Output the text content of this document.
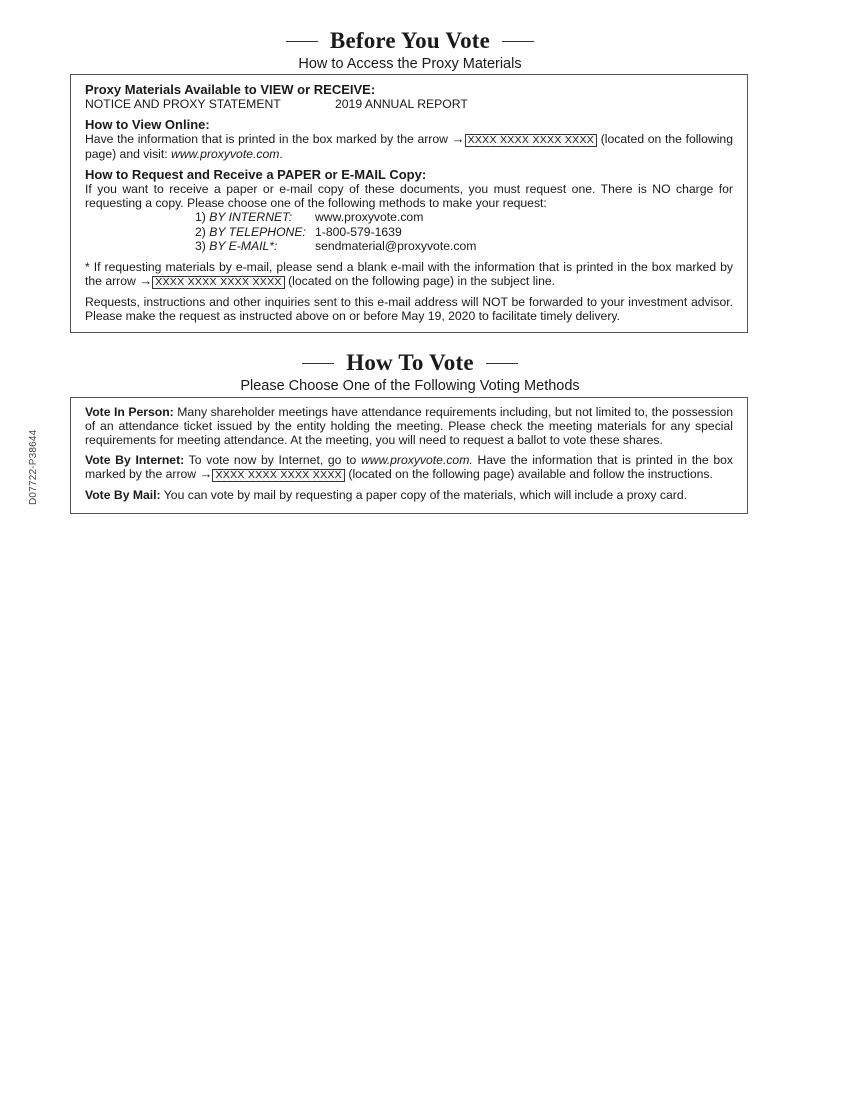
Before You Vote
How to Access the Proxy Materials

Proxy Materials Available to VIEW or RECEIVE:

NOTICE AND PROXY STATEMENT	2019 ANNUAL REPORT

How to View Online:

Have the information that is printed in the box marked by the arrow → XXXX XXXX XXXX XXXX (located on the following page) and visit: www.proxyvote.com.

How to Request and Receive a PAPER or E-MAIL Copy:

If you want to receive a paper or e-mail copy of these documents, you must request one. There is NO charge for requesting a copy. Please choose one of the following methods to make your request:

1) BY INTERNET:	www.proxyvote.com
2) BY TELEPHONE: 1-800-579-1639
3) BY E-MAIL*:	sendmaterial@proxyvote.com

* If requesting materials by e-mail, please send a blank e-mail with the information that is printed in the box marked by the arrow → XXXX XXXX XXXX XXXX (located on the following page) in the subject line.

Requests, instructions and other inquiries sent to this e-mail address will NOT be forwarded to your investment advisor. Please make the request as instructed above on or before May 19, 2020 to facilitate timely delivery.

How To Vote
Please Choose One of the Following Voting Methods

Vote In Person: Many shareholder meetings have attendance requirements including, but not limited to, the possession of an attendance ticket issued by the entity holding the meeting. Please check the meeting materials for any special requirements for meeting attendance. At the meeting, you will need to request a ballot to vote these shares.

Vote By Internet: To vote now by Internet, go to www.proxyvote.com. Have the information that is printed in the box marked by the arrow → XXXX XXXX XXXX XXXX (located on the following page) available and follow the instructions.

Vote By Mail: You can vote by mail by requesting a paper copy of the materials, which will include a proxy card.

D07722-P38644
